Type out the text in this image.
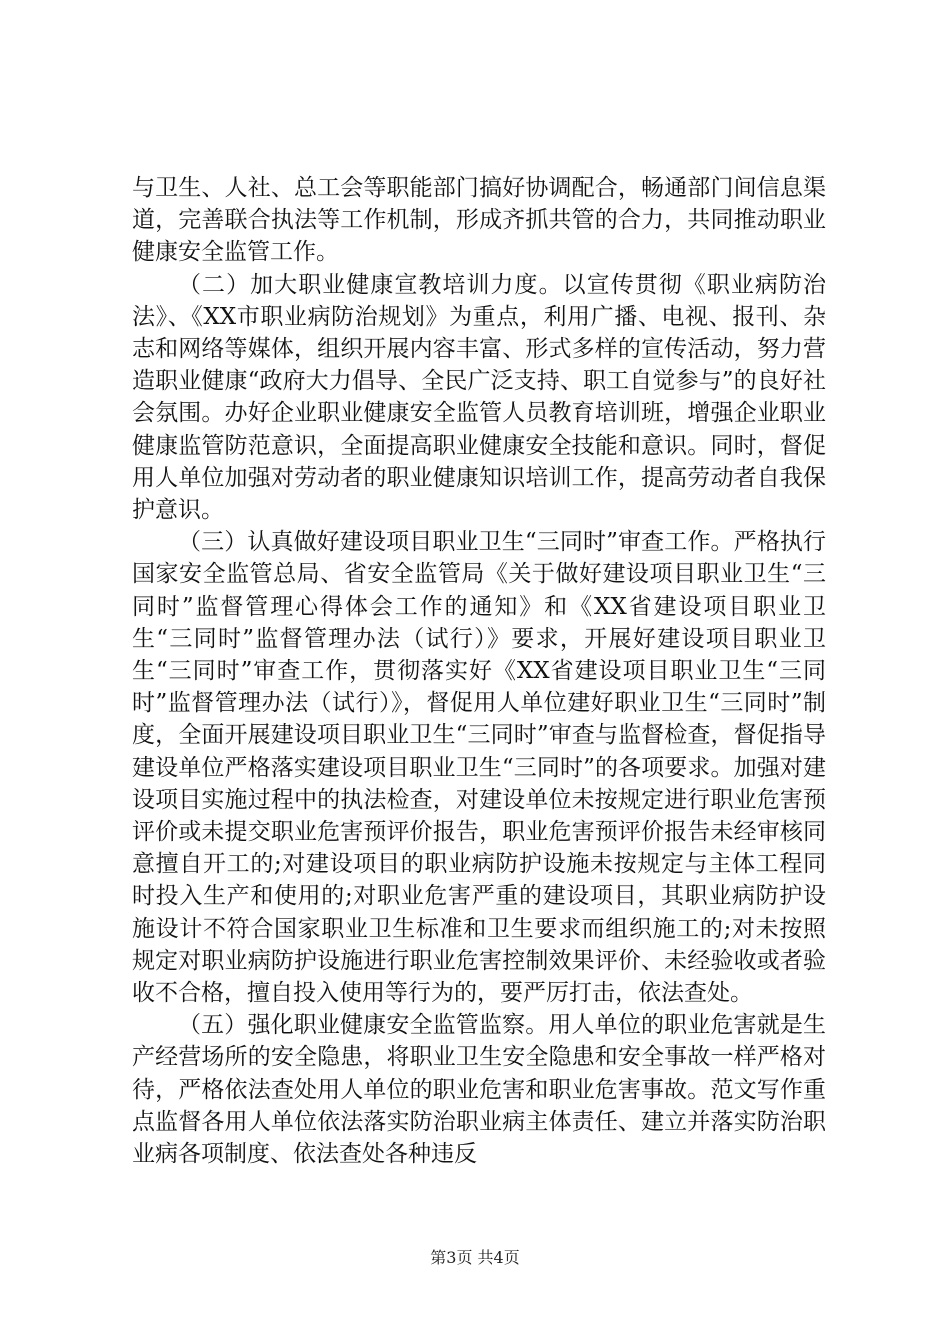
与卫生、人社、总工会等职能部门搞好协调配合，畅通部门间信息渠道，完善联合执法等工作机制，形成齐抓共管的合力，共同推动职业健康安全监管工作。

（二）加大职业健康宣教培训力度。以宣传贯彻《职业病防治法》、《XX市职业病防治规划》为重点，利用广播、电视、报刊、杂志和网络等媒体，组织开展内容丰富、形式多样的宣传活动，努力营造职业健康“政府大力倡导、全民广泛支持、职工自觉参与”的良好社会氛围。办好企业职业健康安全监管人员教育培训班，增强企业职业健康监管防范意识，全面提高职业健康安全技能和意识。同时，督促用人单位加强对劳动者的职业健康知识培训工作，提高劳动者自我保护意识。

（三）认真做好建设项目职业卫生“三同时”审查工作。严格执行国家安全监管总局、省安全监管局《关于做好建设项目职业卫生“三同时”监督管理心得体会工作的通知》和《XX省建设项目职业卫生“三同时”监督管理办法（试行）》要求，开展好建设项目职业卫生“三同时”审查工作，贯彻落实好《XX省建设项目职业卫生“三同时”监督管理办法（试行）》，督促用人单位建好职业卫生“三同时”制度，全面开展建设项目职业卫生“三同时”审查与监督检查，督促指导建设单位严格落实建设项目职业卫生“三同时”的各项要求。加强对建设项目实施过程中的执法检查，对建设单位未按规定进行职业危害预评价或未提交职业危害预评价报告，职业危害预评价报告未经审核同意擅自开工的;对建设项目的职业病防护设施未按规定与主体工程同时投入生产和使用的;对职业危害严重的建设项目，其职业病防护设施设计不符合国家职业卫生标准和卫生要求而组织施工的;对未按照规定对职业病防护设施进行职业危害控制效果评价、未经验收或者验收不合格，擅自投入使用等行为的，要严厉打击，依法查处。

（五）强化职业健康安全监管监察。用人单位的职业危害就是生产经营场所的安全隐患，将职业卫生安全隐患和安全事故一样严格对待，严格依法查处用人单位的职业危害和职业危害事故。范文写作重点监督各用人单位依法落实防治职业病主体责任、建立并落实防治职业病各项制度、依法查处各种违反

第3页 共4页
